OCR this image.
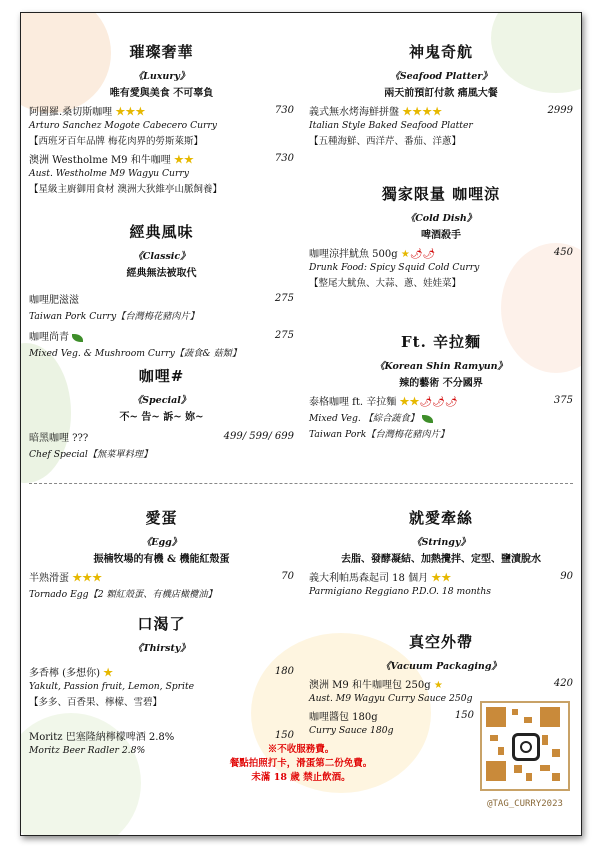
璀璨奢華
《Luxury》
唯有愛與美食 不可辜負
阿圖羅.桑切斯咖哩 ★★★	730
Arturo Sanchez Mogote Cabecero Curry
【西班牙百年品牌 梅花肉界的勞斯萊斯】
澳洲 Westholme M9 和牛咖哩 ★★	730
Aust. Westholme M9 Wagyu Curry
【星級主廚御用食材 澳洲大狄維亭山脈飼養】
經典風味
《Classic》
經典無法被取代
咖哩肥滋滋	275
Taiwan Pork Curry【台灣梅花豬肉片】
咖哩尚青	275
Mixed Veg. & Mushroom Curry【蔬食& 菇類】
咖哩#
《Special》
不~ 告~ 訴~ 妳~
暗黑咖哩 ???	499/ 599/ 699
Chef Special【無菜單料理】
神鬼奇航
《Seafood Platter》
兩天前預訂付款 痛風大餐
義式無水烤海鮮拼盤 ★★★★	2999
Italian Style Baked Seafood Platter
【五種海鮮、西洋芹、番茄、洋蔥】
獨家限量 咖哩涼
《Cold Dish》
啤酒殺手
咖哩涼拌魷魚 500g ★🌶🌶	450
Drunk Food: Spicy Squid Cold Curry
【整尾大魷魚、大蒜、蔥、娃娃菜】
Ft. 辛拉麵
《Korean Shin Ramyun》
辣的藝術 不分國界
泰格咖哩 ft. 辛拉麵 ★★🌶🌶🌶	375
Mixed Veg. 【綜合蔬食】
Taiwan Pork【台灣梅花豬肉片】
愛蛋
《Egg》
振楠牧場的有機 & 機能紅殼蛋
半熟滑蛋 ★★★	70
Tornado Egg【2 顆紅殼蛋、有機店橄欖油】
口渴了
《Thirsty》
多香檸 (多想你) ★	180
Yakult, Passion fruit, Lemon, Sprite
【多多、百香果、檸檬、雪碧】
Moritz 巴塞隆納檸檬啤酒 2.8%	150
Moritz Beer Radler 2.8%
就愛牽絲
《Stringy》
去脂、發酵凝結、加熱攪拌、定型、鹽漬脫水
義大利帕馬森起司 18 個月 ★★	90
Parmigiano Reggiano P.D.O. 18 months
真空外帶
《Vacuum Packaging》
澳洲 M9 和牛咖哩包 250g ★	420
Aust. M9 Wagyu Curry Sauce 250g
咖哩醬包 180g	150
Curry Sauce 180g
※不收服務費。
餐點拍照打卡，滑蛋第二份免費。
未滿 18 歲 禁止飲酒。
@TAG_CURRY2023
